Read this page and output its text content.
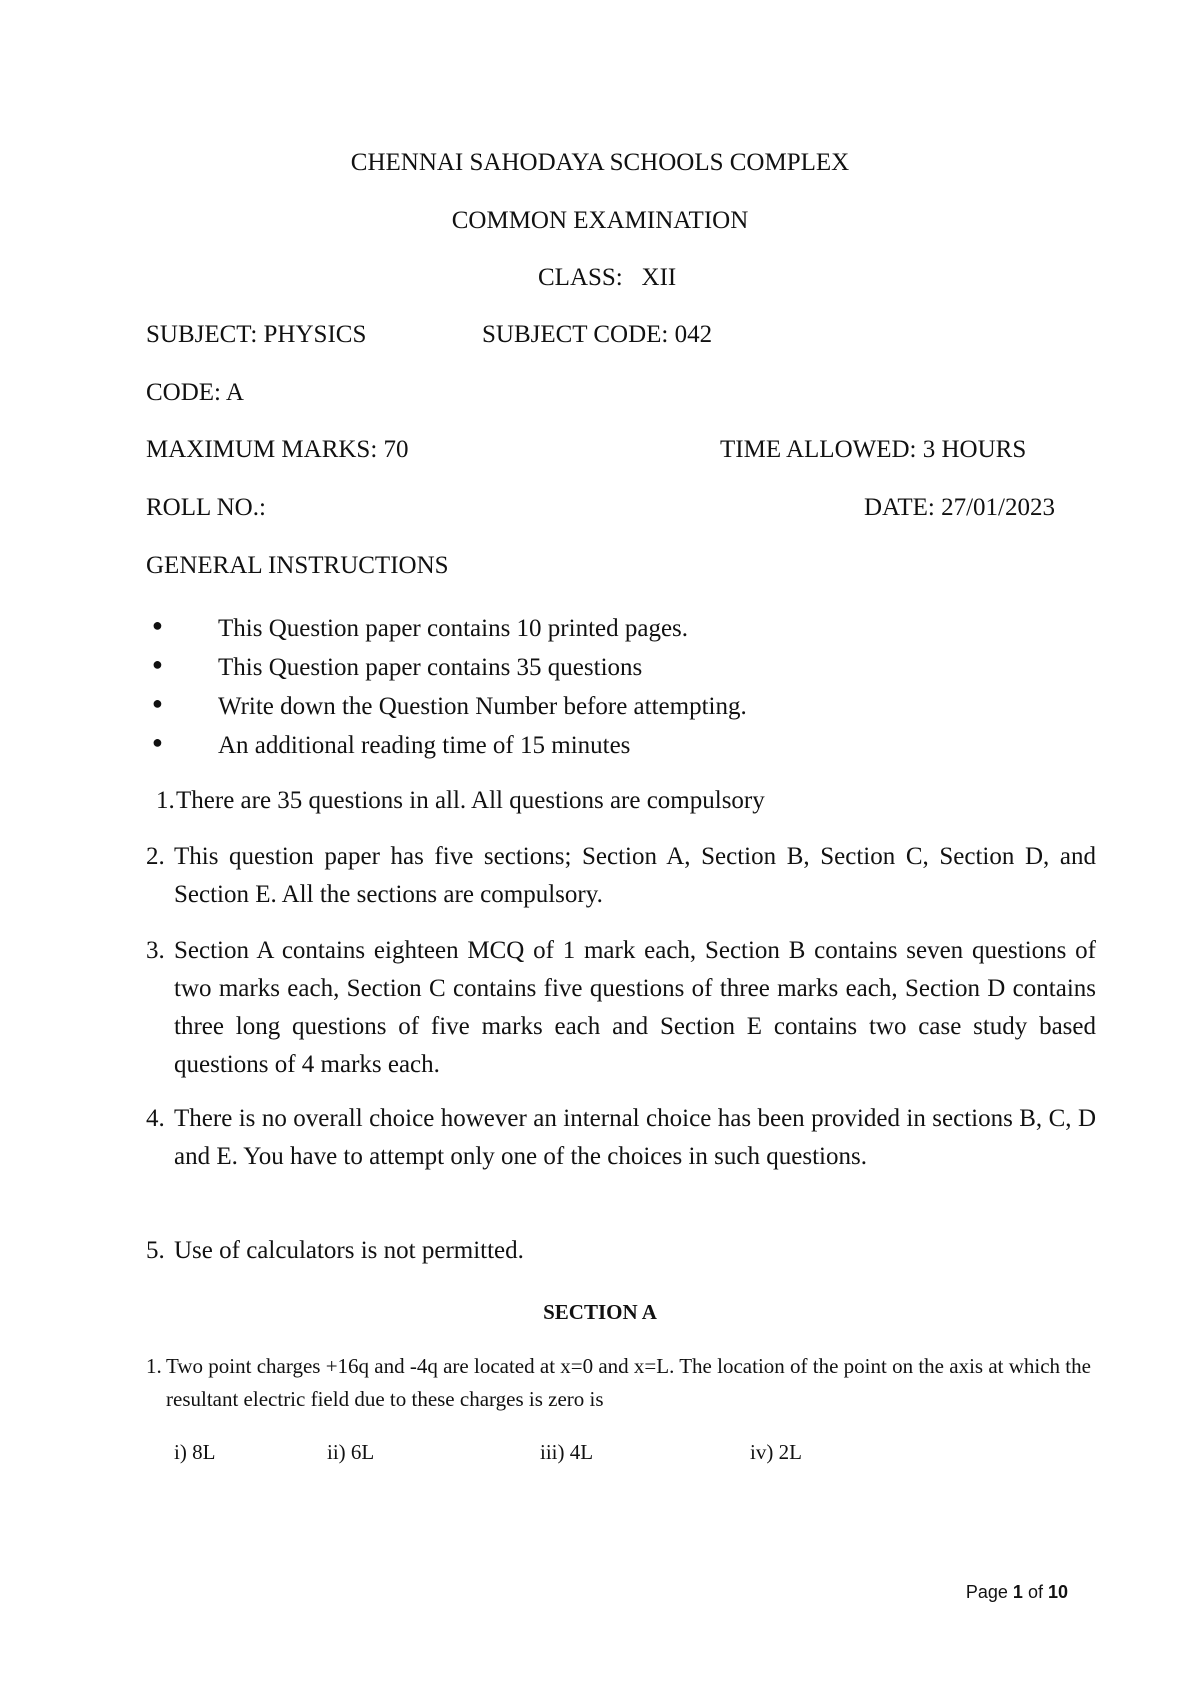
CHENNAI SAHODAYA SCHOOLS COMPLEX
COMMON EXAMINATION
CLASS: XII
SUBJECT: PHYSICS	SUBJECT CODE: 042
CODE: A
MAXIMUM MARKS: 70	TIME ALLOWED: 3 HOURS
ROLL NO.:	DATE: 27/01/2023
GENERAL INSTRUCTIONS
● This Question paper contains 10 printed pages.
● This Question paper contains 35 questions
● Write down the Question Number before attempting.
● An additional reading time of 15 minutes
1. There are 35 questions in all. All questions are compulsory
2. This question paper has five sections; Section A, Section B, Section C, Section D, and Section E. All the sections are compulsory.
3. Section A contains eighteen MCQ of 1 mark each, Section B contains seven questions of two marks each, Section C contains five questions of three marks each, Section D contains three long questions of five marks each and Section E contains two case study based questions of 4 marks each.
4. There is no overall choice however an internal choice has been provided in sections B, C, D and E. You have to attempt only one of the choices in such questions.
5. Use of calculators is not permitted.
SECTION A
1. Two point charges +16q and -4q are located at x=0 and x=L. The location of the point on the axis at which the resultant electric field due to these charges is zero is
i) 8L	ii) 6L	iii) 4L	iv) 2L
Page 1 of 10
